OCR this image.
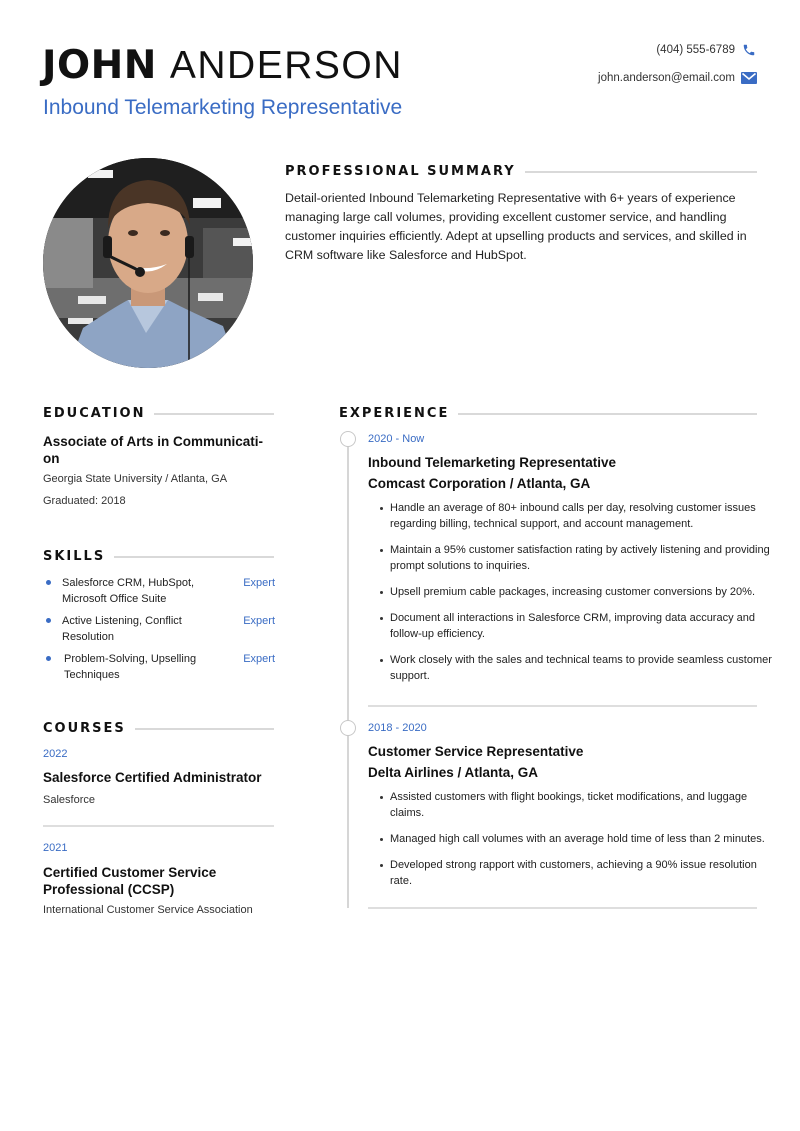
JOHN ANDERSON
Inbound Telemarketing Representative
(404) 555-6789
john.anderson@email.com
PROFESSIONAL SUMMARY
Detail-oriented Inbound Telemarketing Representative with 6+ years of experience managing large call volumes, providing excellent customer service, and handling customer inquiries efficiently. Adept at upselling products and services, and skilled in CRM software like Salesforce and HubSpot.
EDUCATION
Associate of Arts in Communicati-on
Georgia State University / Atlanta, GA
Graduated: 2018
SKILLS
Salesforce CRM, HubSpot, Microsoft Office Suite
Expert
Active Listening, Conflict Resolution
Expert
Problem-Solving, Upselling Techniques
Expert
COURSES
2022
Salesforce Certified Administrator
Salesforce
2021
Certified Customer Service Professional (CCSP)
International Customer Service Association
EXPERIENCE
2020 - Now
Inbound Telemarketing Representative
Comcast Corporation / Atlanta, GA
Handle an average of 80+ inbound calls per day, resolving customer issues regarding billing, technical support, and account management.
Maintain a 95% customer satisfaction rating by actively listening and providing prompt solutions to inquiries.
Upsell premium cable packages, increasing customer conversions by 20%.
Document all interactions in Salesforce CRM, improving data accuracy and follow-up efficiency.
Work closely with the sales and technical teams to provide seamless customer support.
2018 - 2020
Customer Service Representative
Delta Airlines / Atlanta, GA
Assisted customers with flight bookings, ticket modifications, and luggage claims.
Managed high call volumes with an average hold time of less than 2 minutes.
Developed strong rapport with customers, achieving a 90% issue resolution rate.
